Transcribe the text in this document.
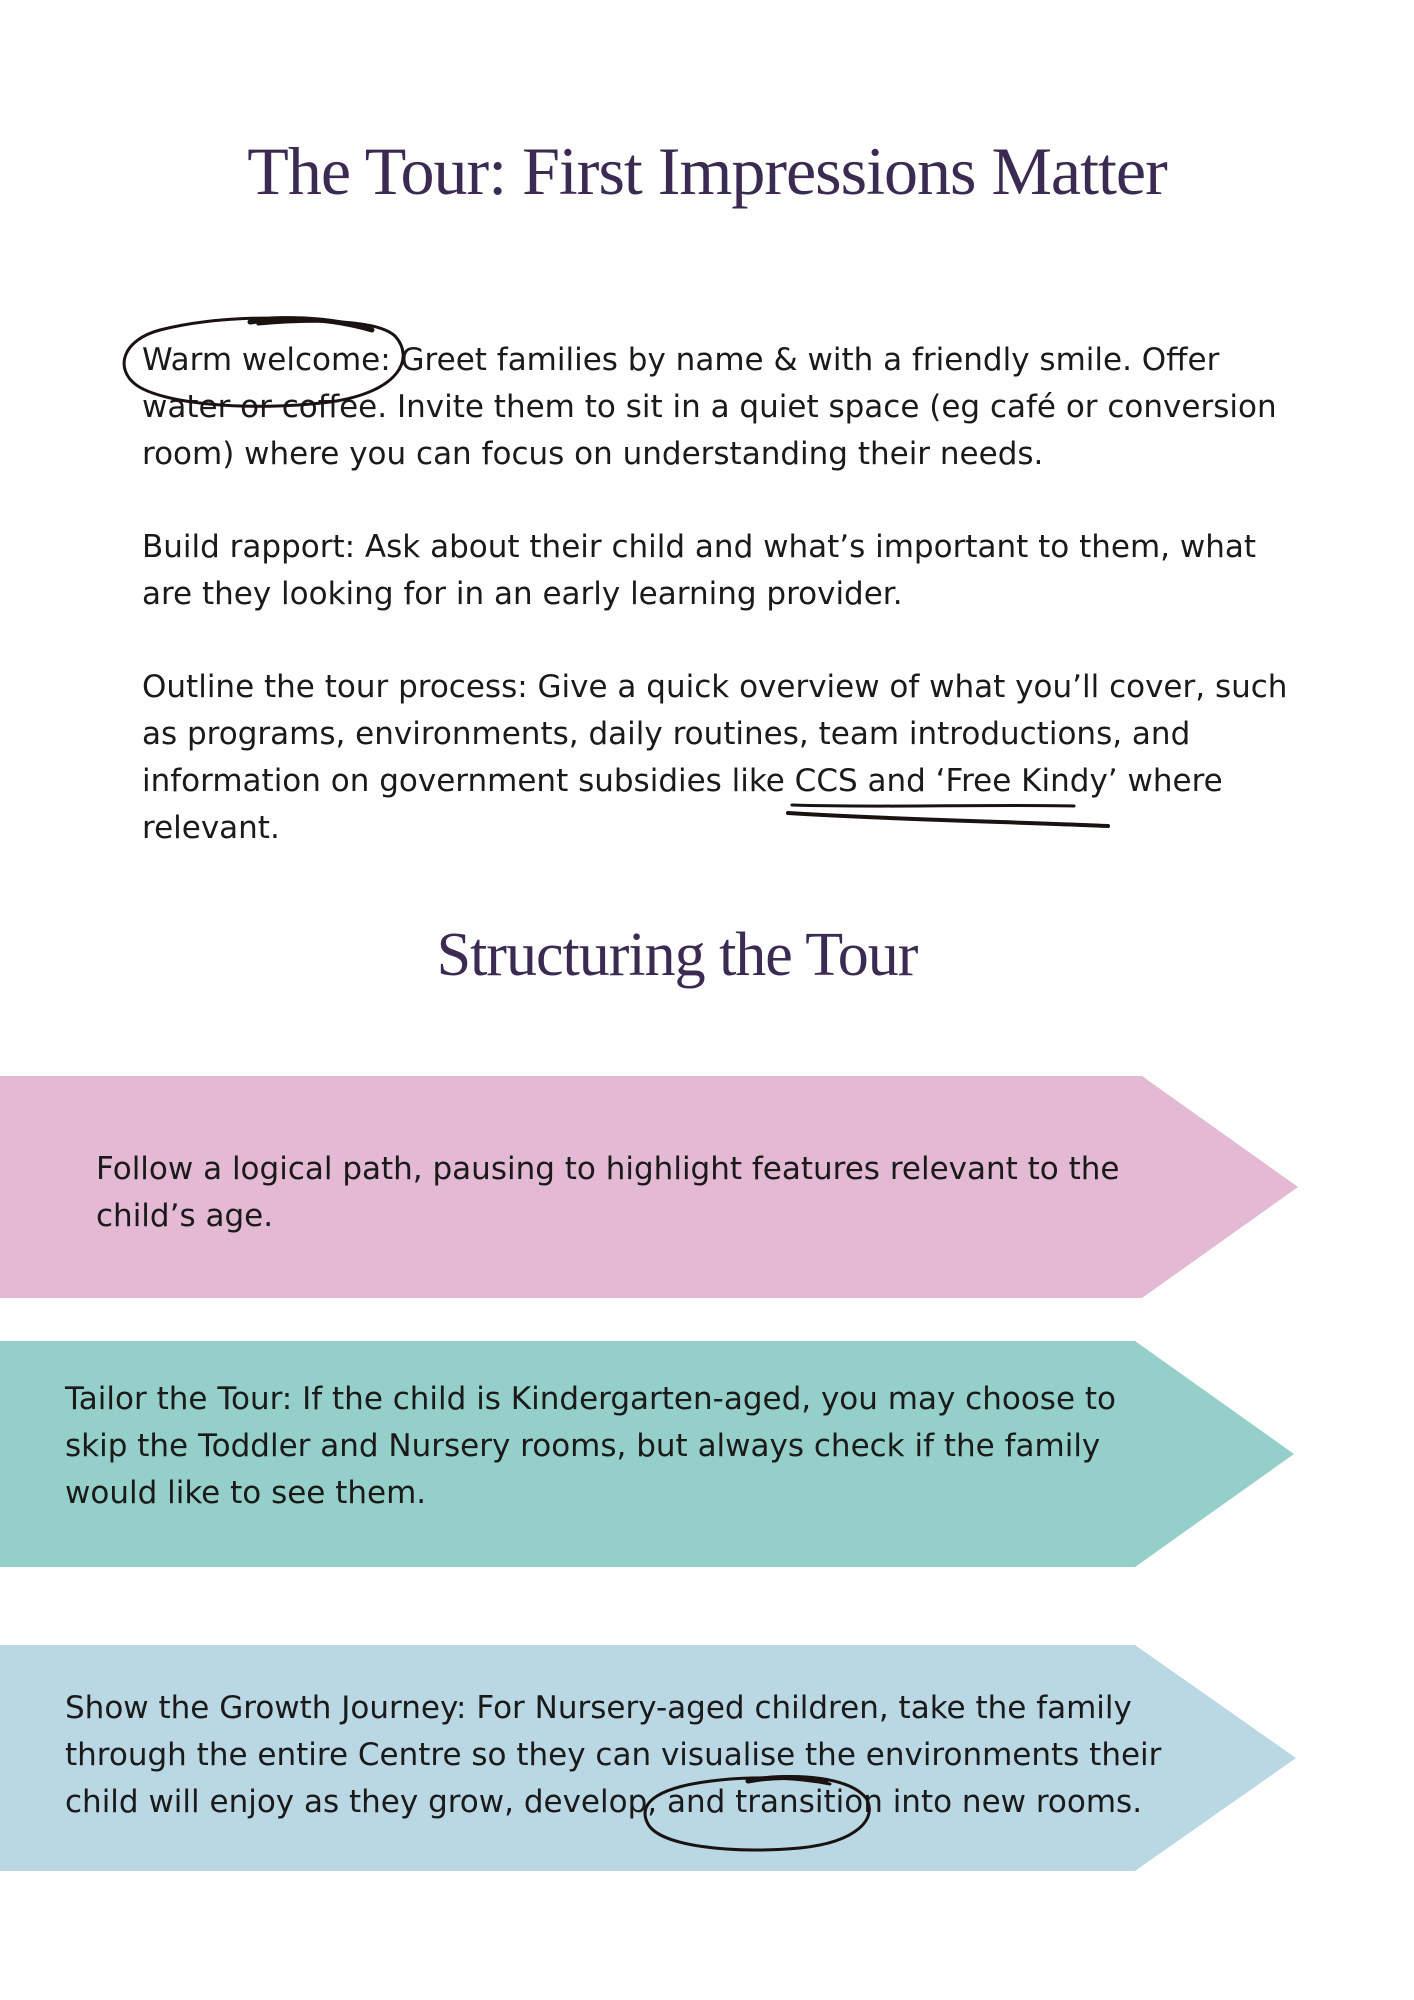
The Tour: First Impressions Matter

Warm welcome: Greet families by name & with a friendly smile. Offer water or coffee. Invite them to sit in a quiet space (eg café or conversion room) where you can focus on understanding their needs.

Build rapport: Ask about their child and what’s important to them, what are they looking for in an early learning provider.

Outline the tour process: Give a quick overview of what you’ll cover, such as programs, environments, daily routines, team introductions, and information on government subsidies like CCS and ‘Free Kindy’ where relevant.

Structuring the Tour

Follow a logical path, pausing to highlight features relevant to the child’s age.

Tailor the Tour: If the child is Kindergarten-aged, you may choose to skip the Toddler and Nursery rooms, but always check if the family would like to see them.

Show the Growth Journey: For Nursery-aged children, take the family through the entire Centre so they can visualise the environments their child will enjoy as they grow, develop, and transition into new rooms.
